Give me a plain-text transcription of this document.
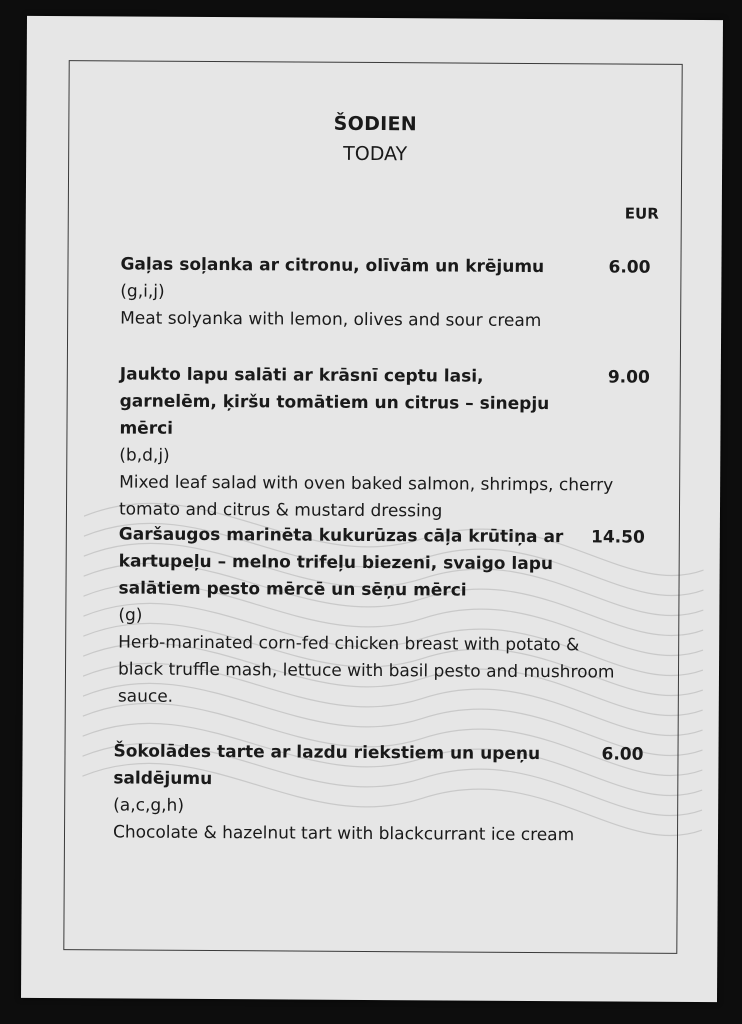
ŠODIEN

TODAY

EUR

Gaļas soļanka ar citronu, olīvām un krējumu	6.00

(g,i,j)

Meat solyanka with lemon, olives and sour cream

Jaukto lapu salāti ar krāsnī ceptu lasi, garnelēm, ķiršu tomātiem un citrus – sinepju mērci

9.00

(b,d,j)

Mixed leaf salad with oven baked salmon, shrimps, cherry tomato and citrus & mustard dressing

Garšaugos marinēta kukurūzas cāļa krūtiņa ar kartupeļu – melno trifeļu biezeni, svaigo lapu salātiem pesto mērcē un sēņu mērci

14.50

(g)

Herb-marinated corn-fed chicken breast with potato & black truffle mash, lettuce with basil pesto and mushroom sauce.

Šokolādes tarte ar lazdu riekstiem un upeņu saldējumu

6.00

(a,c,g,h)

Chocolate & hazelnut tart with blackcurrant ice cream
